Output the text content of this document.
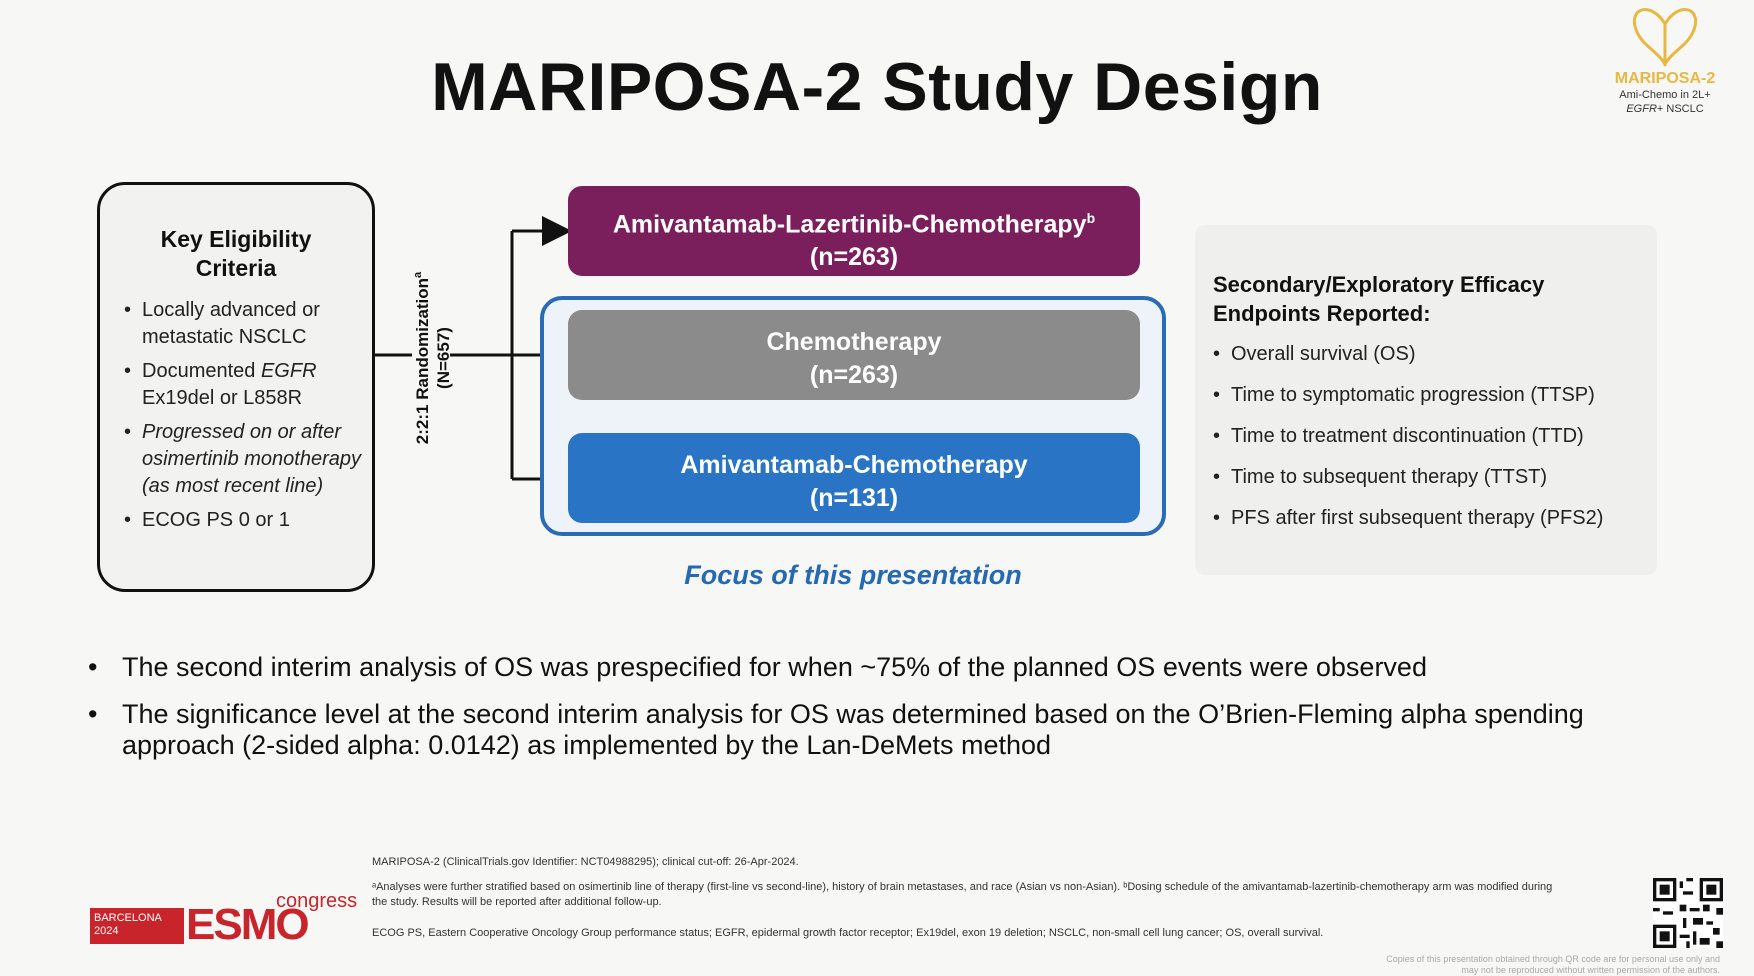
MARIPOSA-2 Study Design	MARIPOSA-2
Ami-Chemo in 2L+
EGFR+ NSCLC
Key Eligibility
Criteria
• Locally advanced or metastatic NSCLC
• Documented EGFR Ex19del or L858R
• Progressed on or after osimertinib monotherapy (as most recent line)
• ECOG PS 0 or 1
2:2:1 Randomization$^a$
(N=657)
Amivantamab-Lazertinib-Chemotherapy$^b$
(n=263)
Chemotherapy
(n=263)
Amivantamab-Chemotherapy
(n=131)
Focus of this presentation
Secondary/Exploratory Efficacy
Endpoints Reported:
• Overall survival (OS)
• Time to symptomatic progression (TTSP)
• Time to treatment discontinuation (TTD)
• Time to subsequent therapy (TTST)
• PFS after first subsequent therapy (PFS2)
• The second interim analysis of OS was prespecified for when ~75% of the planned OS events were observed
• The significance level at the second interim analysis for OS was determined based on the O’Brien-Fleming alpha spending approach (2-sided alpha: 0.0142) as implemented by the Lan-DeMets method
MARIPOSA-2 (ClinicalTrials.gov Identifier: NCT04988295); clinical cut-off: 26-Apr-2024.
ᵃAnalyses were further stratified based on osimertinib line of therapy (first-line vs second-line), history of brain metastases, and race (Asian vs non-Asian). ᵇDosing schedule of the amivantamab-lazertinib-chemotherapy arm was modified during the study. Results will be reported after additional follow-up.
ECOG PS, Eastern Cooperative Oncology Group performance status; EGFR, epidermal growth factor receptor; Ex19del, exon 19 deletion; NSCLC, non-small cell lung cancer; OS, overall survival.
Copies of this presentation obtained through QR code are for personal use only and may not be reproduced without written permission of the authors.
BARCELONA
2024	ESMO
congress
